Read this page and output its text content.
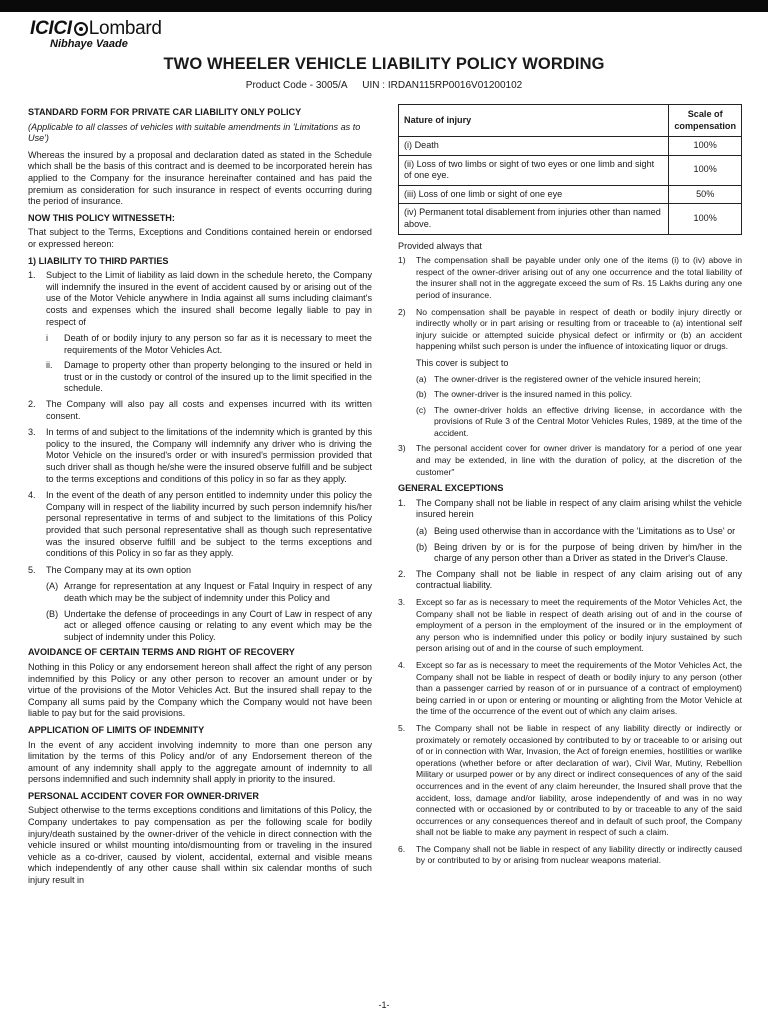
ICICI Lombard
Nibhaye Vaade
TWO WHEELER VEHICLE LIABILITY POLICY WORDING
Product Code - 3005/A UIN : IRDAN115RP0016V01200102
STANDARD FORM FOR PRIVATE CAR LIABILITY ONLY POLICY
(Applicable to all classes of vehicles with suitable amendments in 'Limitations as to Use')

Whereas the insured by a proposal and declaration dated as stated in the Schedule which shall be the basis of this contract and is deemed to be incorporated herein has applied to the Company for the insurance hereinafter contained and has paid the premium as consideration for such insurance in respect of events occurring during the period of insurance.

NOW THIS POLICY WITNESSETH:

That subject to the Terms, Exceptions and Conditions contained herein or endorsed or expressed hereon:

1) LIABILITY TO THIRD PARTIES
1.	Subject to the Limit of liability as laid down in the schedule hereto, the Company will indemnify the insured in the event of accident caused by or arising out of the use of the Motor Vehicle anywhere in India against all sums including claimant's costs and expenses which the insured shall become legally liable to pay in respect of
i	Death of or bodily injury to any person so far as it is necessary to meet the requirements of the Motor Vehicles Act.
ii.	Damage to property other than property belonging to the insured or held in trust or in the custody or control of the insured up to the limit specified in the schedule.
2.	The Company will also pay all costs and expenses incurred with its written consent.
3.	In terms of and subject to the limitations of the indemnity which is granted by this policy to the insured, the Company will indemnify any driver who is driving the Motor Vehicle on the insured's order or with insured's permission provided that such driver shall as though he/she were the insured observe fulfill and be subject to the terms exceptions and conditions of this policy in so far as they apply.
4.	In the event of the death of any person entitled to indemnity under this policy the Company will in respect of the liability incurred by such person indemnify his/her personal representative in terms of and subject to the limitations of this Policy provided that such personal representative shall as though such representative was the insured observe fulfill and be subject to the terms exceptions and conditions of this Policy in so far as they apply.
5.	The Company may at its own option
(A) Arrange for representation at any Inquest or Fatal Inquiry in respect of any death which may be the subject of indemnity under this Policy and
(B) Undertake the defense of proceedings in any Court of Law in respect of any act or alleged offence causing or relating to any event which may be the subject of indemnity under this Policy.
AVOIDANCE OF CERTAIN TERMS AND RIGHT OF RECOVERY

Nothing in this Policy or any endorsement hereon shall affect the right of any person indemnified by this Policy or any other person to recover an amount under or by virtue of the provisions of the Motor Vehicles Act. But the insured shall repay to the Company all sums paid by the Company which the Company would not have been liable to pay but for the said provisions.

APPLICATION OF LIMITS OF INDEMNITY

In the event of any accident involving indemnity to more than one person any limitation by the terms of this Policy and/or of any Endorsement thereon of the amount of any indemnity shall apply to the aggregate amount of indemnity to all persons indemnified and such indemnity shall apply in priority to the insured.

PERSONAL ACCIDENT COVER FOR OWNER-DRIVER

Subject otherwise to the terms exceptions conditions and limitations of this Policy, the Company undertakes to pay compensation as per the following scale for bodily injury/death sustained by the owner-driver of the vehicle in direct connection with the vehicle insured or whilst mounting into/dismounting from or traveling in the insured vehicle as a co-driver, caused by violent, accidental, external and visible means which independently of any other cause shall within six calendar months of such injury result in

Nature of injury	Scale of compensation
(i) Death	100%
(ii) Loss of two limbs or sight of two eyes or one limb and sight of one eye.	100%
(iii) Loss of one limb or sight of one eye	50%
(iv) Permanent total disablement from injuries other than named above.	100%
Provided always that
1)	The compensation shall be payable under only one of the items (i) to (iv) above in respect of the owner-driver arising out of any one occurrence and the total liability of the insurer shall not in the aggregate exceed the sum of Rs. 15 Lakhs during any one period of insurance.
2)	No compensation shall be payable in respect of death or bodily injury directly or indirectly wholly or in part arising or resulting from or traceable to (a) intentional self injury suicide or attempted suicide physical defect or infirmity or (b) an accident happening whilst such person is under the influence of intoxicating liquor or drugs.
This cover is subject to
(a) The owner-driver is the registered owner of the vehicle insured herein;
(b) The owner-driver is the insured named in this policy.
(c) The owner-driver holds an effective driving license, in accordance with the provisions of Rule 3 of the Central Motor Vehicles Rules, 1989, at the time of the accident.
3)	The personal accident cover for owner driver is mandatory for a period of one year and may be extended, in line with the duration of policy, at the discretion of the customer"
GENERAL EXCEPTIONS
1.	The Company shall not be liable in respect of any claim arising whilst the vehicle insured herein
(a) Being used otherwise than in accordance with the 'Limitations as to Use' or
(b) Being driven by or is for the purpose of being driven by him/her in the charge of any person other than a Driver as stated in the Driver's Clause.
2.	The Company shall not be liable in respect of any claim arising out of any contractual liability.
3.	Except so far as is necessary to meet the requirements of the Motor Vehicles Act, the Company shall not be liable in respect of death arising out of and in the course of employment of a person in the employment of the insured or in the employment of any person who is indemnified under this policy or bodily injury sustained by such person arising out of and in the course of such employment.
4.	Except so far as is necessary to meet the requirements of the Motor Vehicles Act, the Company shall not be liable in respect of death or bodily injury to any person (other than a passenger carried by reason of or in pursuance of a contract of employment) being carried in or upon or entering or mounting or alighting from the Motor Vehicle at the time of the occurrence of the event out of which any claim arises.
5.	The Company shall not be liable in respect of any liability directly or indirectly or proximately or remotely occasioned by contributed to by or traceable to or arising out of or in connection with War, Invasion, the Act of foreign enemies, hostilities or warlike operations (whether before or after declaration of war), Civil War, Mutiny, Rebellion Military or usurped power or by any direct or indirect consequences of any of the said occurrences and in the event of any claim hereunder, the Insured shall prove that the accident, loss, damage and/or liability, arose independently of and was in no way connected with or occasioned by or contributed to by or traceable to any of the said occurrences or any consequences thereof and in default of such proof, the Company shall not be liable to make any payment in respect of such a claim.
6.	The Company shall not be liable in respect of any liability directly or indirectly caused by or contributed to by or arising from nuclear weapons material.
-1-
